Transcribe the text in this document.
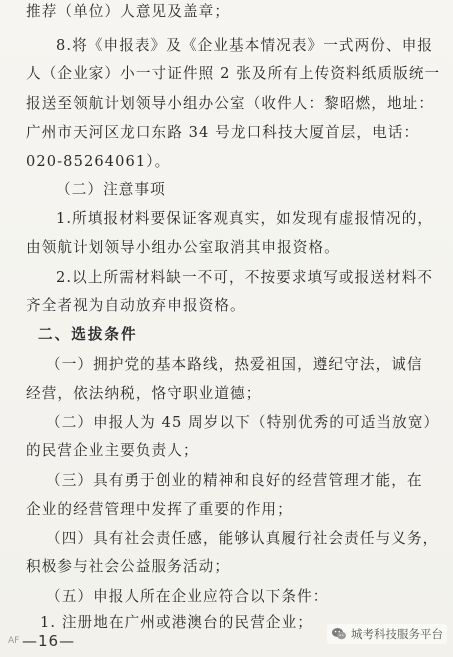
推荐（单位）人意见及盖章；
8.将《申报表》及《企业基本情况表》一式两份、申报
人（企业家）小一寸证件照 2 张及所有上传资料纸质版统一
报送至领航计划领导小组办公室（收件人：黎昭燃，地址：
广州市天河区龙口东路 34 号龙口科技大厦首层，电话：
020-85264061）。
（二）注意事项
1.所填报材料要保证客观真实，如发现有虚报情况的，
由领航计划领导小组办公室取消其申报资格。
2.以上所需材料缺一不可，不按要求填写或报送材料不
齐全者视为自动放弃申报资格。
二、选拔条件
（一）拥护党的基本路线，热爱祖国，遵纪守法，诚信
经营，依法纳税，恪守职业道德；
（二）申报人为 45 周岁以下（特别优秀的可适当放宽）
的民营企业主要负责人；
（三）具有勇于创业的精神和良好的经营管理才能，在
企业的经营管理中发挥了重要的作用；
（四）具有社会责任感，能够认真履行社会责任与义务，
积极参与社会公益服务活动；
（五）申报人所在企业应符合以下条件：
1. 注册地在广州或港澳台的民营企业；
AF —16—	城考科技服务平台
